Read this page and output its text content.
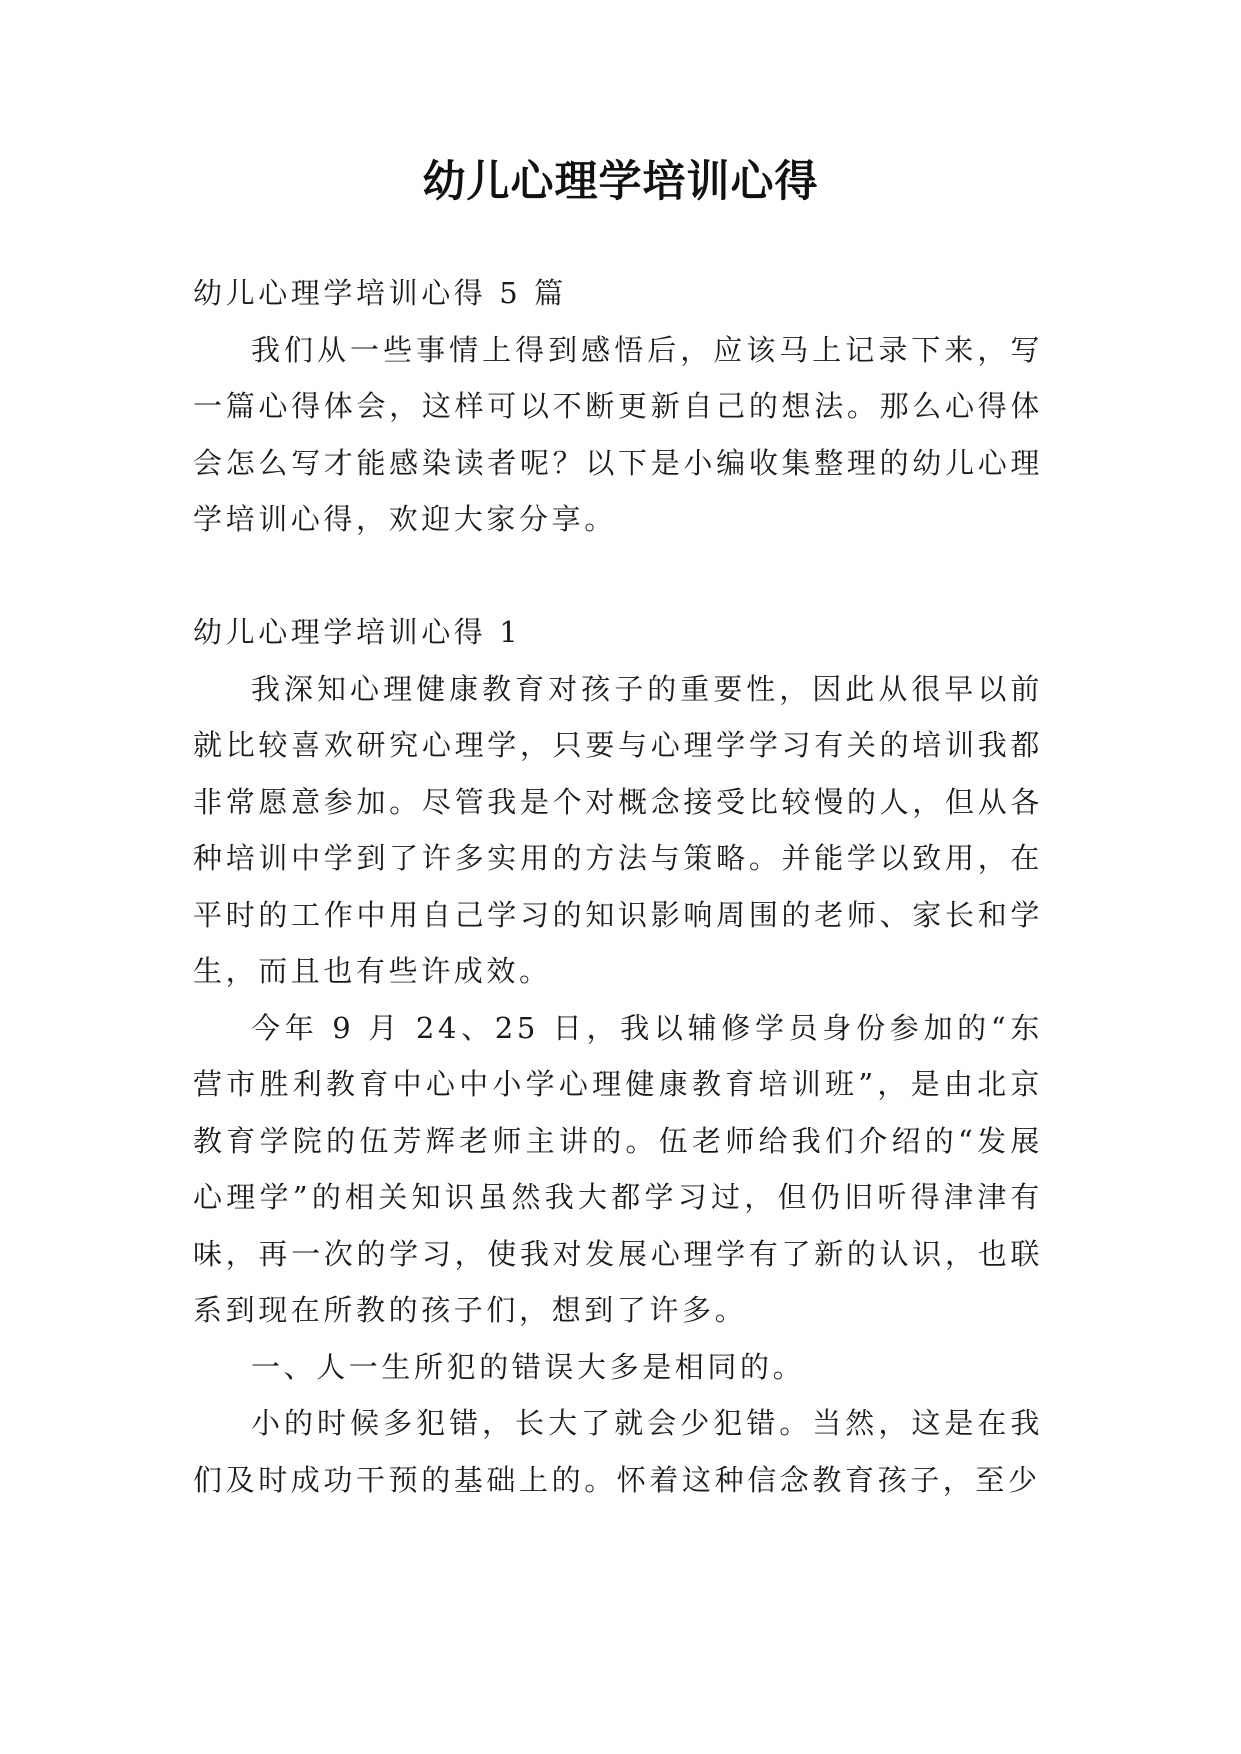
幼儿心理学培训心得

幼儿心理学培训心得 5 篇

我们从一些事情上得到感悟后，应该马上记录下来，写一篇心得体会，这样可以不断更新自己的想法。那么心得体会怎么写才能感染读者呢？以下是小编收集整理的幼儿心理学培训心得，欢迎大家分享。

幼儿心理学培训心得 1

我深知心理健康教育对孩子的重要性，因此从很早以前就比较喜欢研究心理学，只要与心理学学习有关的培训我都非常愿意参加。尽管我是个对概念接受比较慢的人，但从各种培训中学到了许多实用的方法与策略。并能学以致用，在平时的工作中用自己学习的知识影响周围的老师、家长和学生，而且也有些许成效。

今年 9 月 24、25 日，我以辅修学员身份参加的“东营市胜利教育中心中小学心理健康教育培训班”，是由北京教育学院的伍芳辉老师主讲的。伍老师给我们介绍的“发展心理学”的相关知识虽然我大都学习过，但仍旧听得津津有味，再一次的学习，使我对发展心理学有了新的认识，也联系到现在所教的孩子们，想到了许多。

一、人一生所犯的错误大多是相同的。

小的时候多犯错，长大了就会少犯错。当然，这是在我们及时成功干预的基础上的。怀着这种信念教育孩子，至少
